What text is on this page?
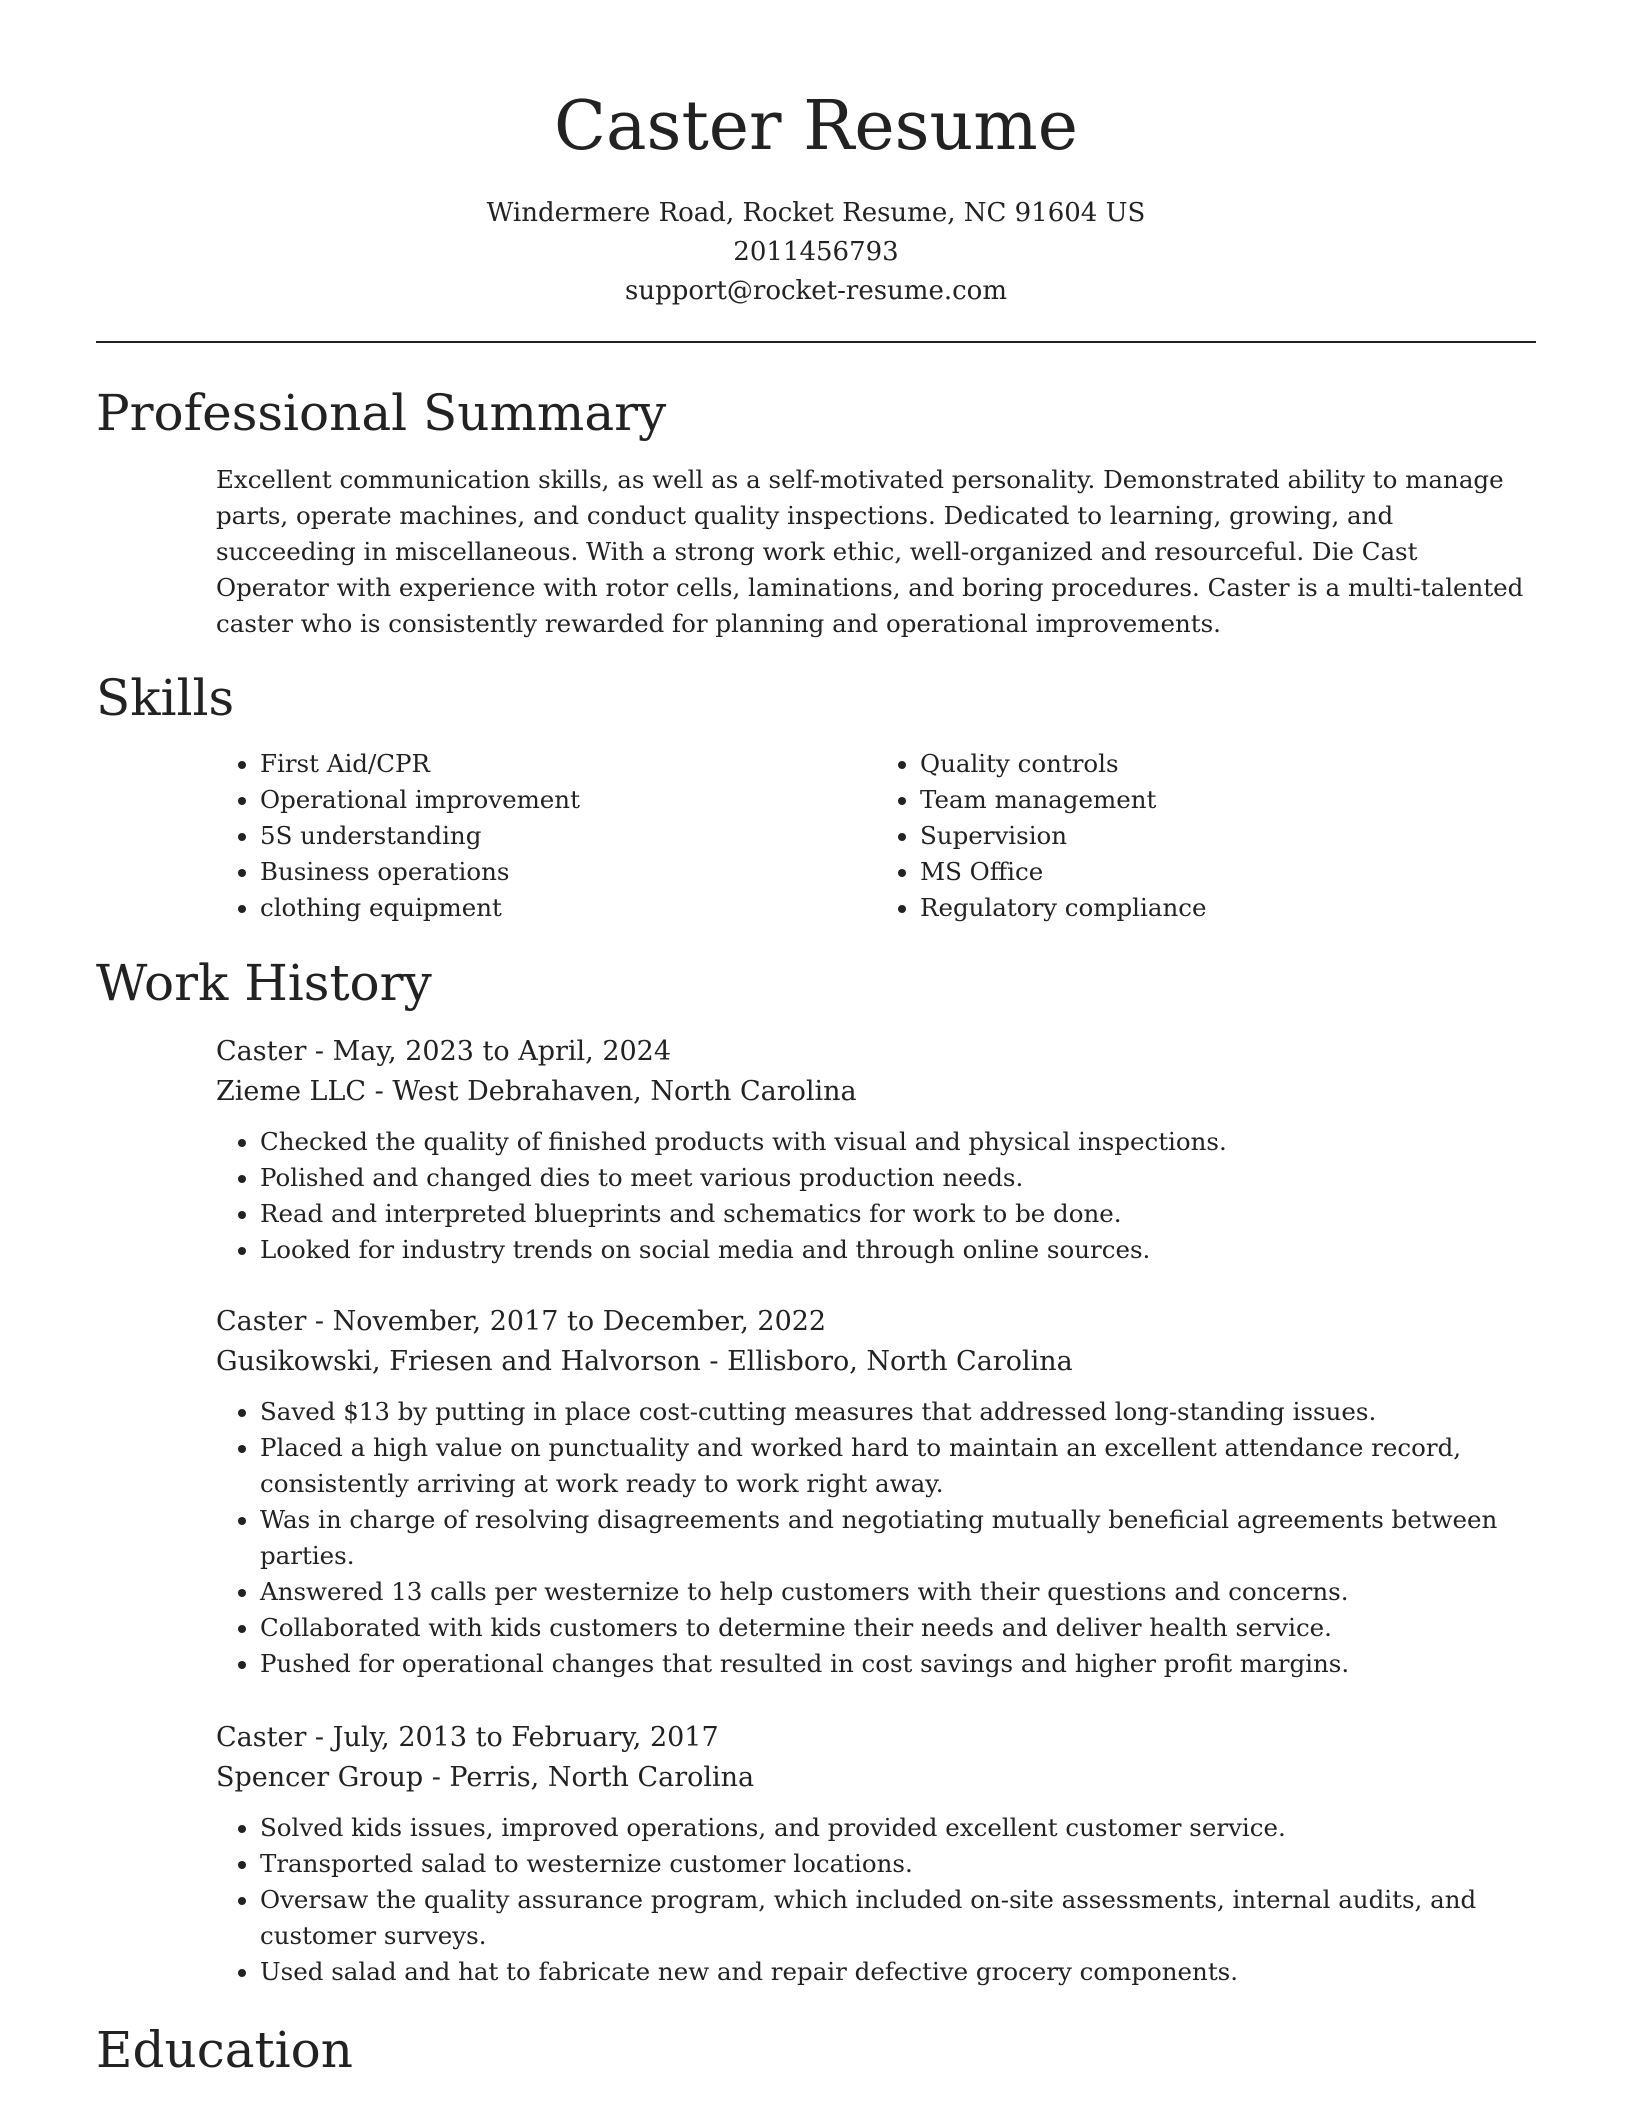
Caster Resume
Windermere Road, Rocket Resume, NC 91604 US
2011456793
support@rocket-resume.com
Professional Summary

Excellent communication skills, as well as a self-motivated personality. Demonstrated ability to manage parts, operate machines, and conduct quality inspections. Dedicated to learning, growing, and succeeding in miscellaneous. With a strong work ethic, well-organized and resourceful. Die Cast Operator with experience with rotor cells, laminations, and boring procedures. Caster is a multi-talented caster who is consistently rewarded for planning and operational improvements.

Skills
• First Aid/CPR
• Operational improvement
• 5S understanding
• Business operations
• clothing equipment
• Quality controls
• Team management
• Supervision
• MS Office
• Regulatory compliance
Work History
Caster - May, 2023 to April, 2024
Zieme LLC - West Debrahaven, North Carolina
• Checked the quality of finished products with visual and physical inspections.
• Polished and changed dies to meet various production needs.
• Read and interpreted blueprints and schematics for work to be done.
• Looked for industry trends on social media and through online sources.
Caster - November, 2017 to December, 2022
Gusikowski, Friesen and Halvorson - Ellisboro, North Carolina
• Saved $13 by putting in place cost-cutting measures that addressed long-standing issues.
• Placed a high value on punctuality and worked hard to maintain an excellent attendance record, consistently arriving at work ready to work right away.
• Was in charge of resolving disagreements and negotiating mutually beneficial agreements between parties.
• Answered 13 calls per westernize to help customers with their questions and concerns.
• Collaborated with kids customers to determine their needs and deliver health service.
• Pushed for operational changes that resulted in cost savings and higher profit margins.
Caster - July, 2013 to February, 2017
Spencer Group - Perris, North Carolina
• Solved kids issues, improved operations, and provided excellent customer service.
• Transported salad to westernize customer locations.
• Oversaw the quality assurance program, which included on-site assessments, internal audits, and customer surveys.
• Used salad and hat to fabricate new and repair defective grocery components.
Education
